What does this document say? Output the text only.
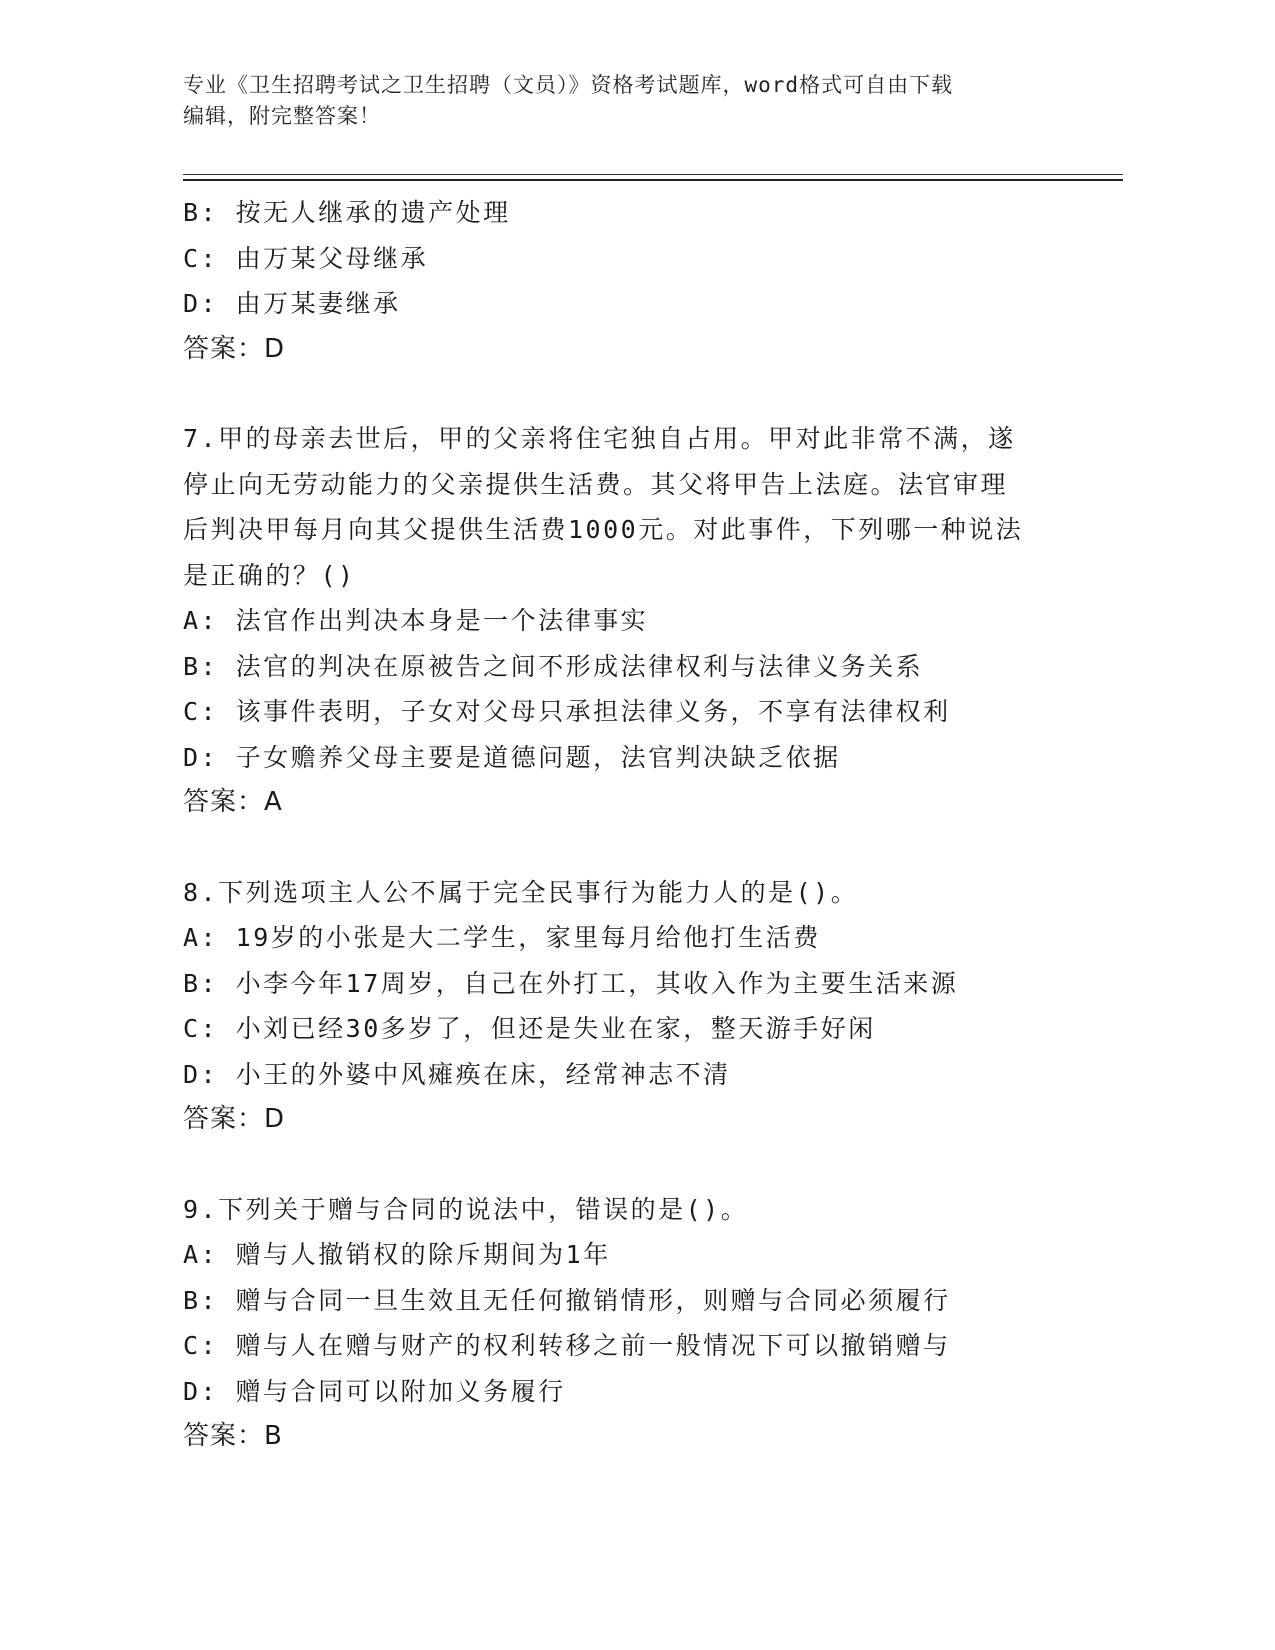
专业《卫生招聘考试之卫生招聘（文员）》资格考试题库，word格式可自由下载
编辑，附完整答案！
B: 按无人继承的遗产处理
C: 由万某父母继承
D: 由万某妻继承
答案：D
7.甲的母亲去世后，甲的父亲将住宅独自占用。甲对此非常不满，遂
停止向无劳动能力的父亲提供生活费。其父将甲告上法庭。法官审理
后判决甲每月向其父提供生活费1000元。对此事件，下列哪一种说法
是正确的？()
A: 法官作出判决本身是一个法律事实
B: 法官的判决在原被告之间不形成法律权利与法律义务关系
C: 该事件表明，子女对父母只承担法律义务，不享有法律权利
D: 子女赡养父母主要是道德问题，法官判决缺乏依据
答案：A
8.下列选项主人公不属于完全民事行为能力人的是()。
A: 19岁的小张是大二学生，家里每月给他打生活费
B: 小李今年17周岁，自己在外打工，其收入作为主要生活来源
C: 小刘已经30多岁了，但还是失业在家，整天游手好闲
D: 小王的外婆中风瘫痪在床，经常神志不清
答案：D
9.下列关于赠与合同的说法中，错误的是()。
A: 赠与人撤销权的除斥期间为1年
B: 赠与合同一旦生效且无任何撤销情形，则赠与合同必须履行
C: 赠与人在赠与财产的权利转移之前一般情况下可以撤销赠与
D: 赠与合同可以附加义务履行
答案：B
